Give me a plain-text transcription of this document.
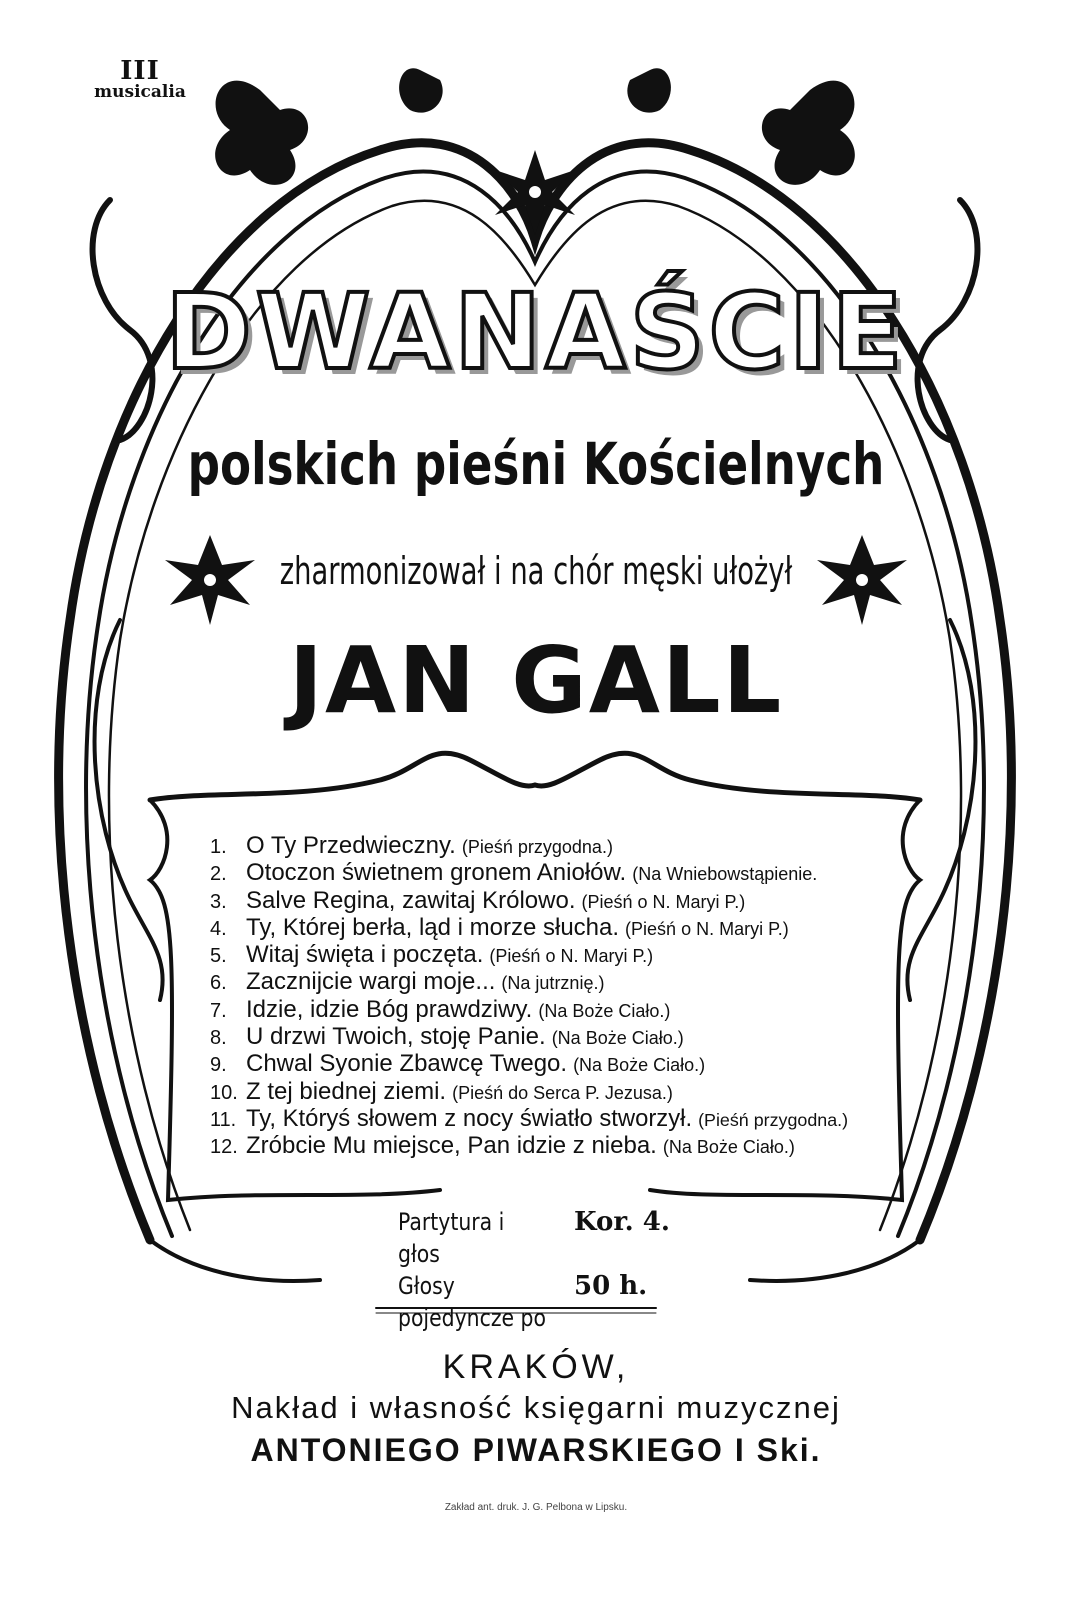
III
musicalia
DWANAŚCIE
polskich pieśni Kościelnych
zharmonizował i na chór męski ułożył
JAN GALL
1. O Ty Przedwieczny. (Pieśń przygodna.)
2. Otoczon świetnem gronem Aniołów. (Na Wniebowstąpienie.
3. Salve Regina, zawitaj Królowo. (Pieśń o N. Maryi P.)
4. Ty, Której berła, ląd i morze słucha. (Pieśń o N. Maryi P.)
5. Witaj święta i poczęta. (Pieśń o N. Maryi P.)
6. Zacznijcie wargi moje... (Na jutrznię.)
7. Idzie, idzie Bóg prawdziwy. (Na Boże Ciało.)
8. U drzwi Twoich, stoję Panie. (Na Boże Ciało.)
9. Chwal Syonie Zbawcę Twego. (Na Boże Ciało.)
10. Z tej biednej ziemi. (Pieśń do Serca P. Jezusa.)
11. Ty, Któryś słowem z nocy światło stworzył. (Pieśń przygodna.)
12. Zróbcie Mu miejsce, Pan idzie z nieba. (Na Boże Ciało.)
Partytura i głos
Kor. 4.
Głosy pojedyncze po
50 h.
KRAKÓW,
Nakład i własność księgarni muzycznej
ANTONIEGO PIWARSKIEGO I Ski.
Zakład ant. druk. J. G. Pelbona w Lipsku.
